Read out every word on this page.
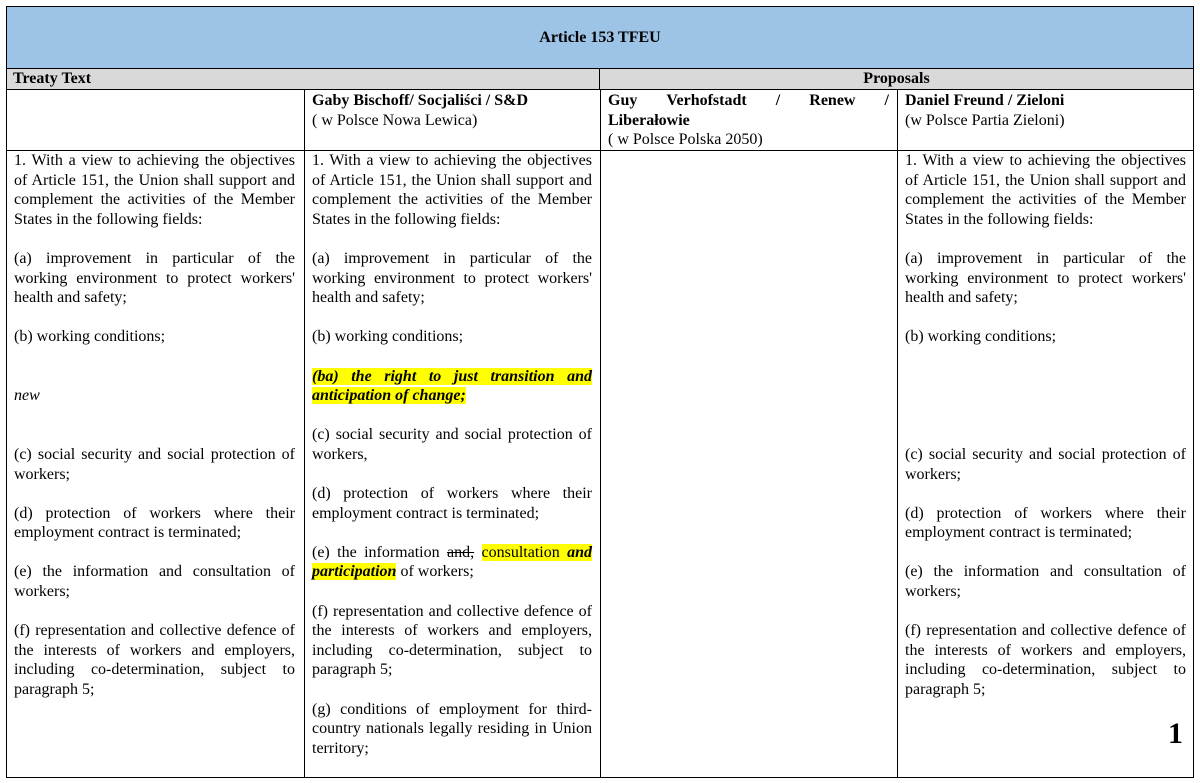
Article 153 TFEU
Treaty Text	Proposals
Gaby Bischoff/ Socjaliści / S&D
( w Polsce Nowa Lewica)
Guy Verhofstadt / Renew /
Liberałowie
( w Polsce Polska 2050)
Daniel Freund / Zieloni
(w Polsce Partia Zieloni)
1. With a view to achieving the objectives of Article 151, the Union shall support and complement the activities of the Member States in the following fields:
(a) improvement in particular of the working environment to protect workers' health and safety;
(b) working conditions;
new
(c) social security and social protection of workers;
(d) protection of workers where their employment contract is terminated;
(e) the information and consultation of workers;
(f) representation and collective defence of the interests of workers and employers, including co-determination, subject to paragraph 5;
1. With a view to achieving the objectives of Article 151, the Union shall support and complement the activities of the Member States in the following fields:
(a) improvement in particular of the working environment to protect workers' health and safety;
(b) working conditions;
(ba) the right to just transition and anticipation of change;
(c) social security and social protection of workers,
(d) protection of workers where their employment contract is terminated;
(e) the information and, consultation and participation of workers;
(f) representation and collective defence of the interests of workers and employers, including co-determination, subject to paragraph 5;
(g) conditions of employment for third-country nationals legally residing in Union territory;
1. With a view to achieving the objectives of Article 151, the Union shall support and complement the activities of the Member States in the following fields:
(a) improvement in particular of the working environment to protect workers' health and safety;
(b) working conditions;
(c) social security and social protection of workers;
(d) protection of workers where their employment contract is terminated;
(e) the information and consultation of workers;
(f) representation and collective defence of the interests of workers and employers, including co-determination, subject to paragraph 5;
1
